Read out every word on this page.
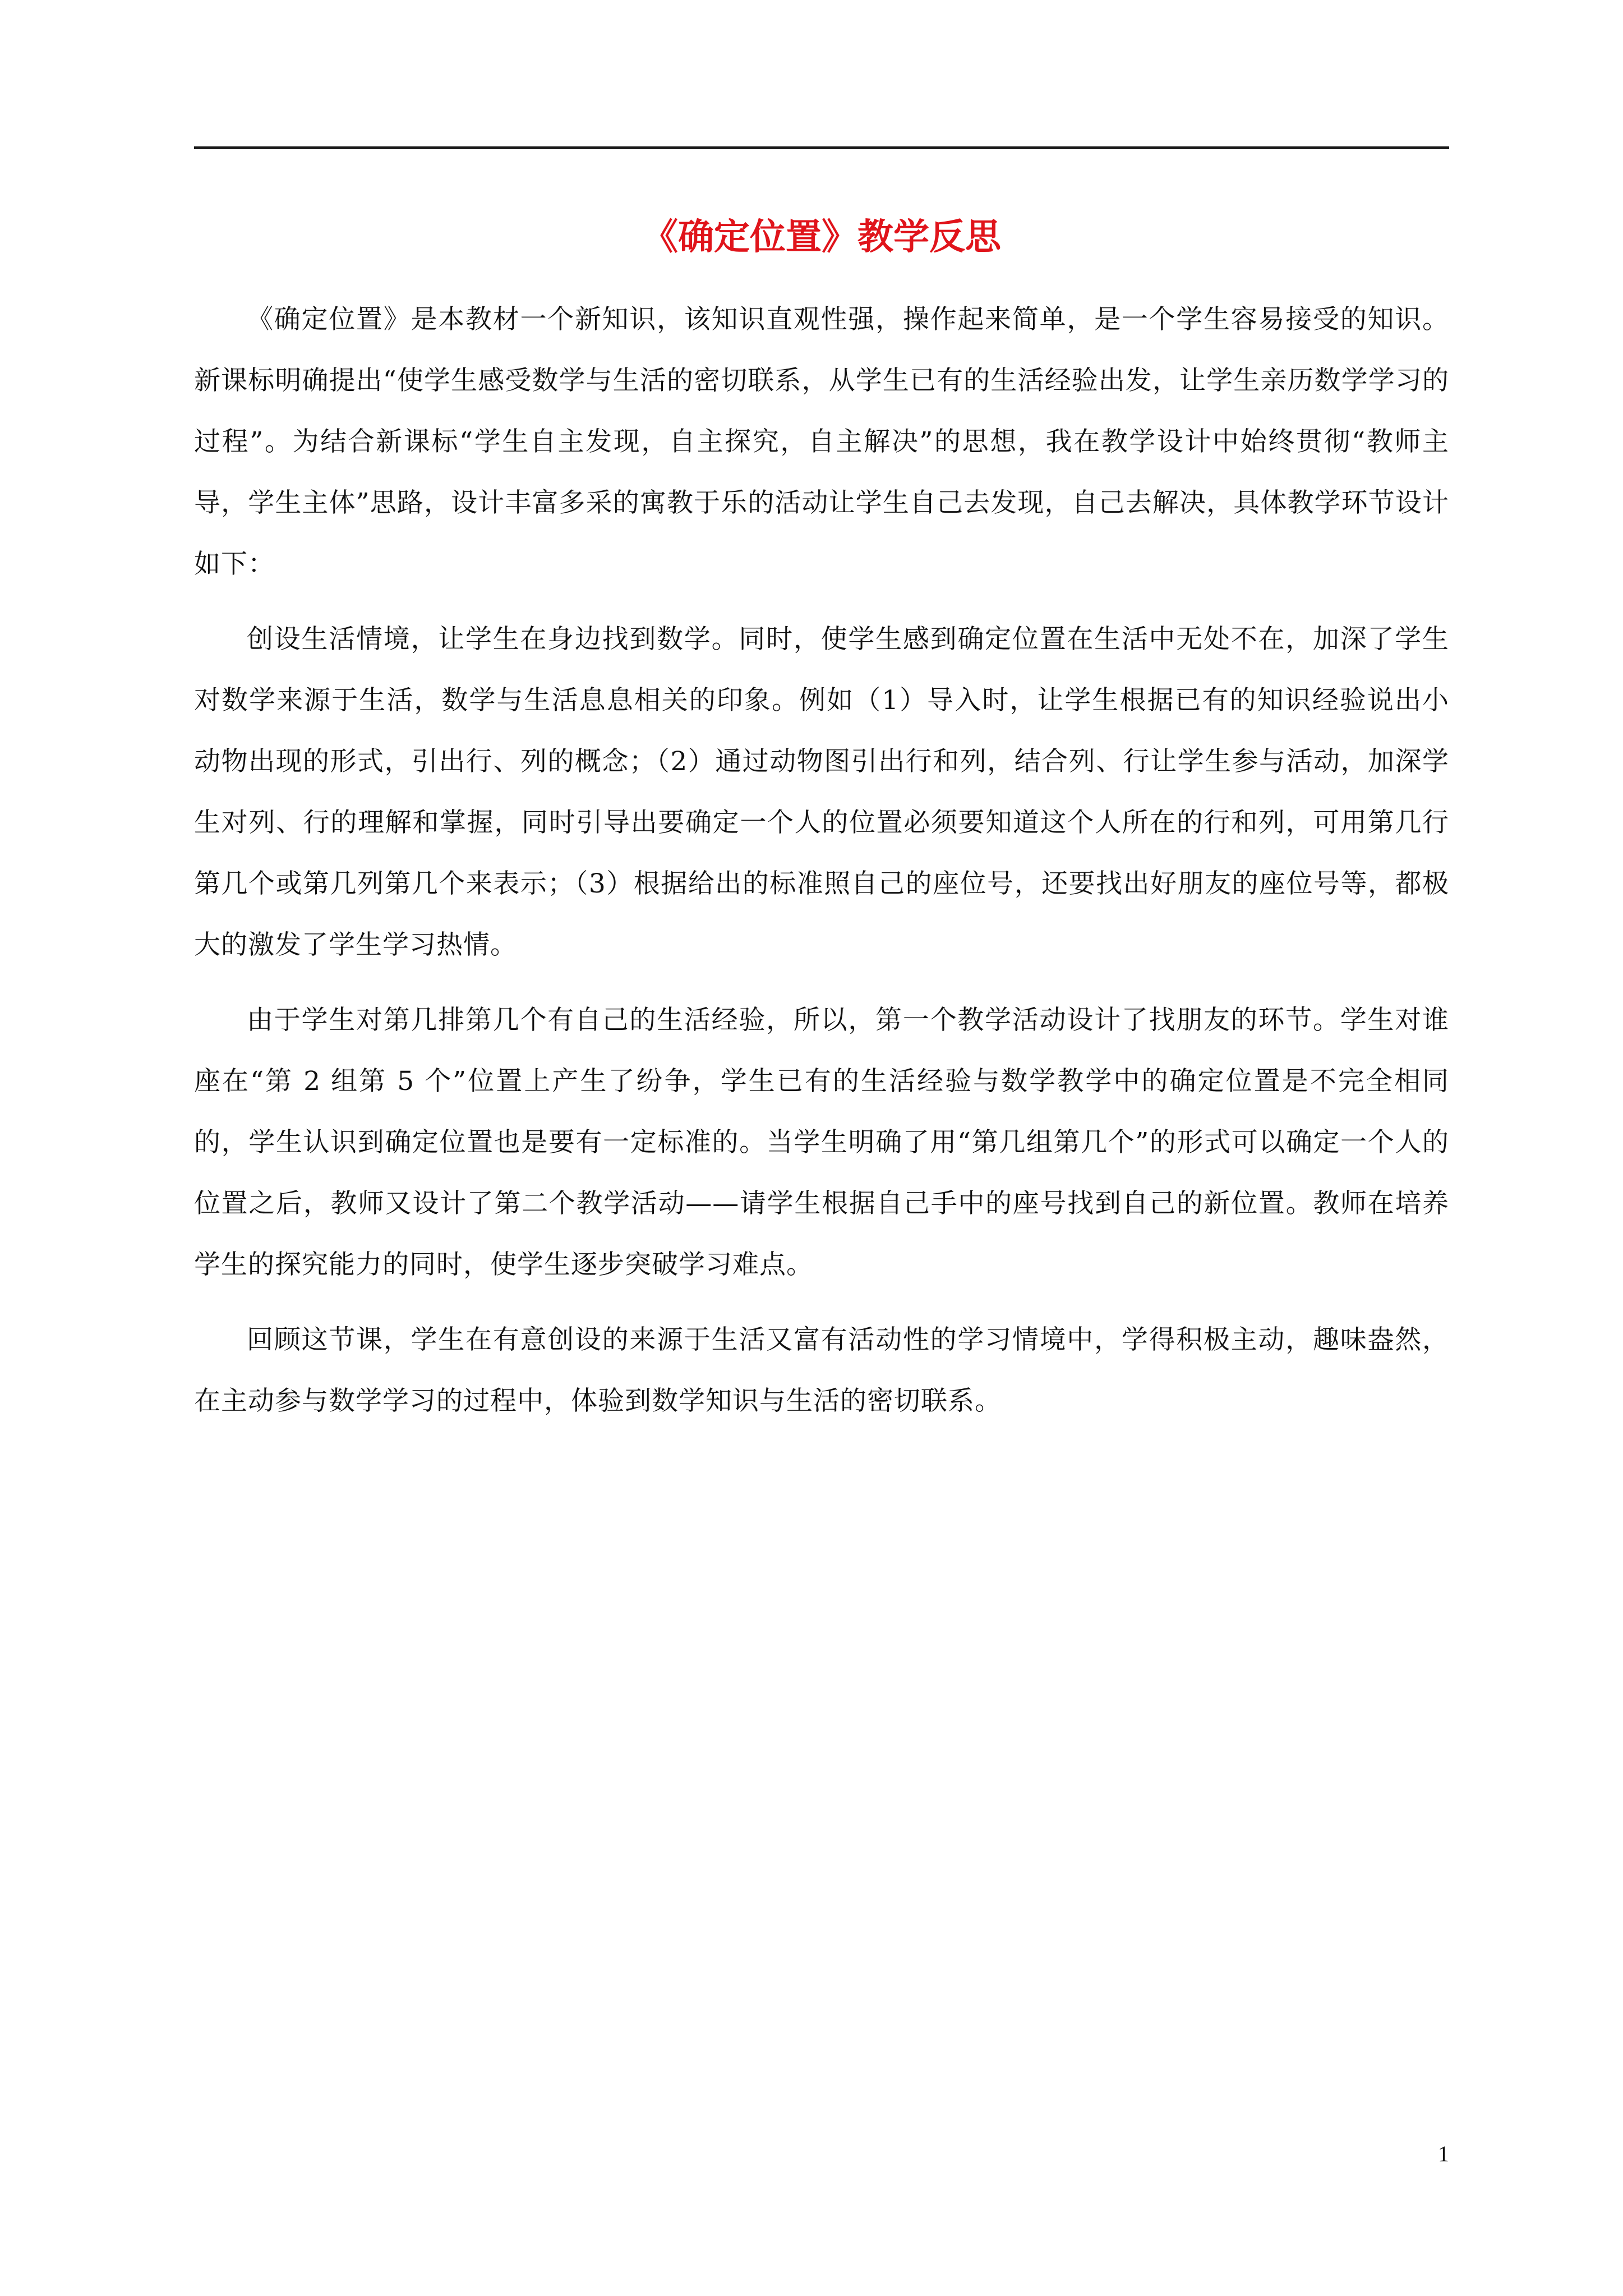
《确定位置》教学反思

《确定位置》是本教材一个新知识，该知识直观性强，操作起来简单，是一个学生容易接受的知识。新课标明确提出“使学生感受数学与生活的密切联系，从学生已有的生活经验出发，让学生亲历数学学习的过程”。为结合新课标“学生自主发现，自主探究，自主解决”的思想，我在教学设计中始终贯彻“教师主导，学生主体”思路，设计丰富多采的寓教于乐的活动让学生自己去发现，自己去解决，具体教学环节设计如下：

创设生活情境，让学生在身边找到数学。同时，使学生感到确定位置在生活中无处不在，加深了学生对数学来源于生活，数学与生活息息相关的印象。例如（1）导入时，让学生根据已有的知识经验说出小动物出现的形式，引出行、列的概念；（2）通过动物图引出行和列，结合列、行让学生参与活动，加深学生对列、行的理解和掌握，同时引导出要确定一个人的位置必须要知道这个人所在的行和列，可用第几行第几个或第几列第几个来表示；（3）根据给出的标准照自己的座位号，还要找出好朋友的座位号等，都极大的激发了学生学习热情。

由于学生对第几排第几个有自己的生活经验，所以，第一个教学活动设计了找朋友的环节。学生对谁座在“第 2 组第 5 个”位置上产生了纷争，学生已有的生活经验与数学教学中的确定位置是不完全相同的，学生认识到确定位置也是要有一定标准的。当学生明确了用“第几组第几个”的形式可以确定一个人的位置之后，教师又设计了第二个教学活动——请学生根据自己手中的座号找到自己的新位置。教师在培养学生的探究能力的同时，使学生逐步突破学习难点。

回顾这节课，学生在有意创设的来源于生活又富有活动性的学习情境中，学得积极主动，趣味盎然，在主动参与数学学习的过程中，体验到数学知识与生活的密切联系。

1
